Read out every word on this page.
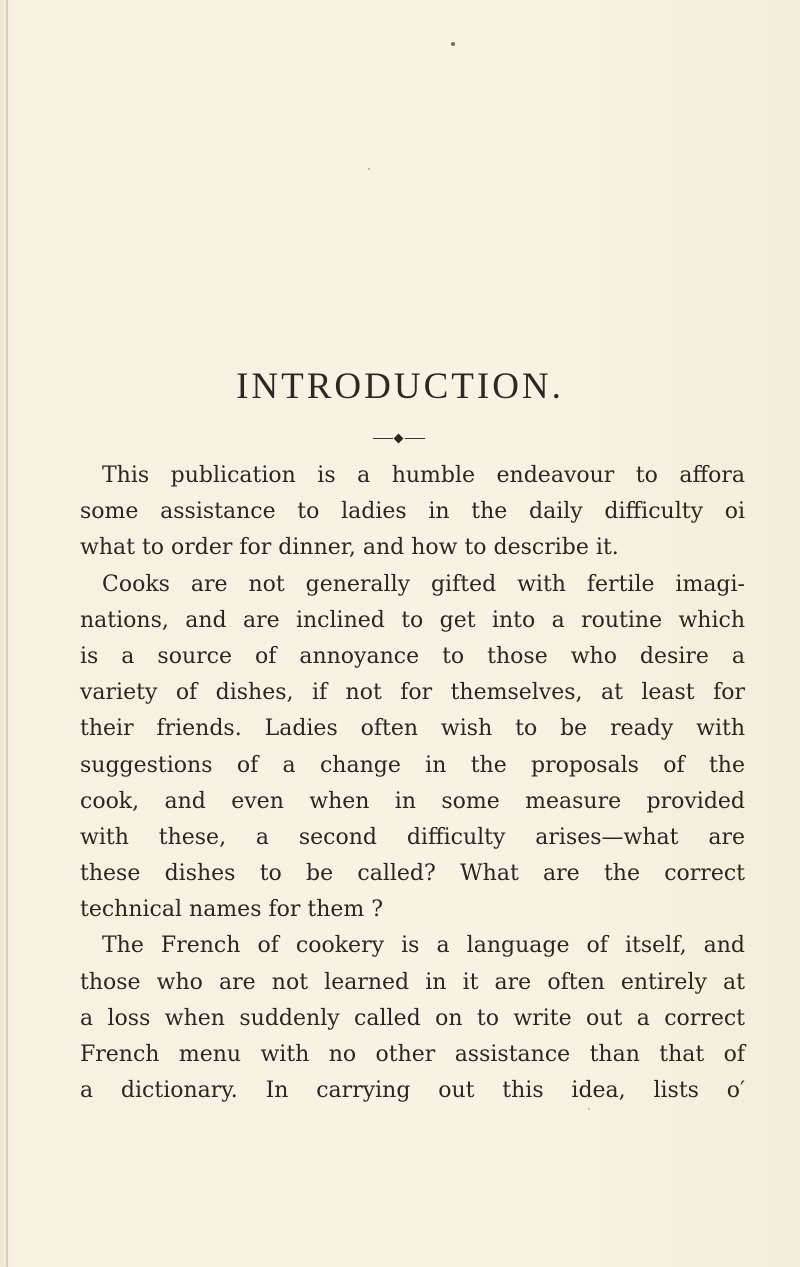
INTRODUCTION.
This publication is a humble endeavour to affora
some assistance to ladies in the daily difficulty oi
what to order for dinner, and how to describe it.
Cooks are not generally gifted with fertile imagi-
nations, and are inclined to get into a routine which
is a source of annoyance to those who desire a
variety of dishes, if not for themselves, at least for
their friends. Ladies often wish to be ready with
suggestions of a change in the proposals of the
cook, and even when in some measure provided
with these, a second difficulty arises—what are
these dishes to be called? What are the correct
technical names for them ?
The French of cookery is a language of itself, and
those who are not learned in it are often entirely at
a loss when suddenly called on to write out a correct
French menu with no other assistance than that of
a dictionary. In carrying out this idea, lists o′
